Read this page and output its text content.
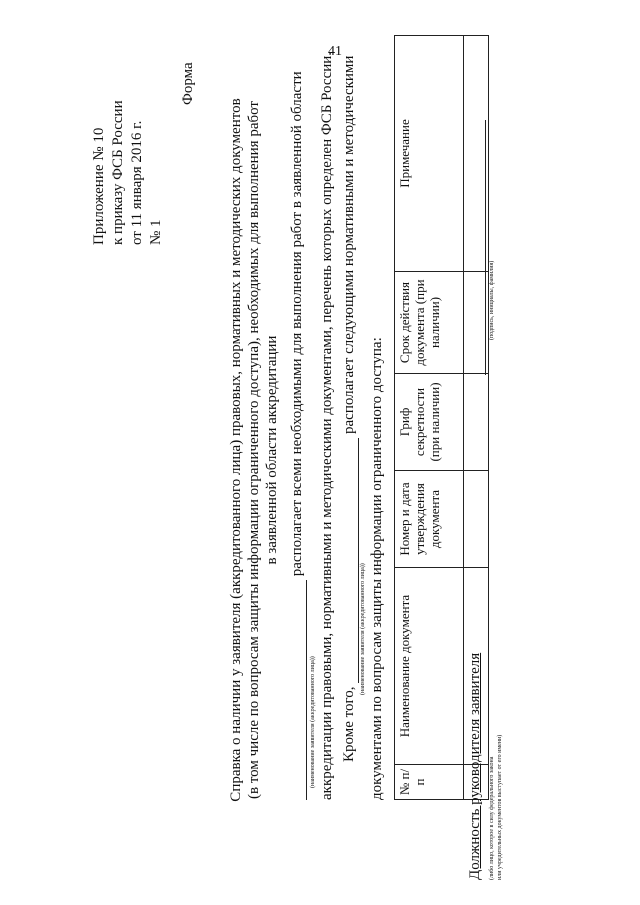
41
Приложение № 10 к приказу ФСБ России от 11 января 2016 г. № 1
Форма
Справка о наличии у заявителя (аккредитованного лица) правовых, нормативных и методических документов (в том числе по вопросам защиты информации ограниченного доступа), необходимых для выполнения работ в заявленной области аккредитации располагает всеми необходимыми для выполнения работ в заявленной области
(наименование заявителя (аккредитованного лица)) аккредитации правовыми, нормативными и методическими документами, перечень которых определен ФСБ России. Кроме того,  располагает следующими нормативными и методическими
(наименование заявителя (аккредитованного лица)) документами по вопросам защиты информации ограниченного доступа: № п/п	Наименование документа	Номер и дата утверждения документа	Гриф секретности (при наличии)	Срок действия документа (при наличии)	Примечание

Должность руководителя заявителя (либо лицо, которое в силу федерального закона или учредительных документов выступает от его имени)
(подпись, инициалы, фамилия)
